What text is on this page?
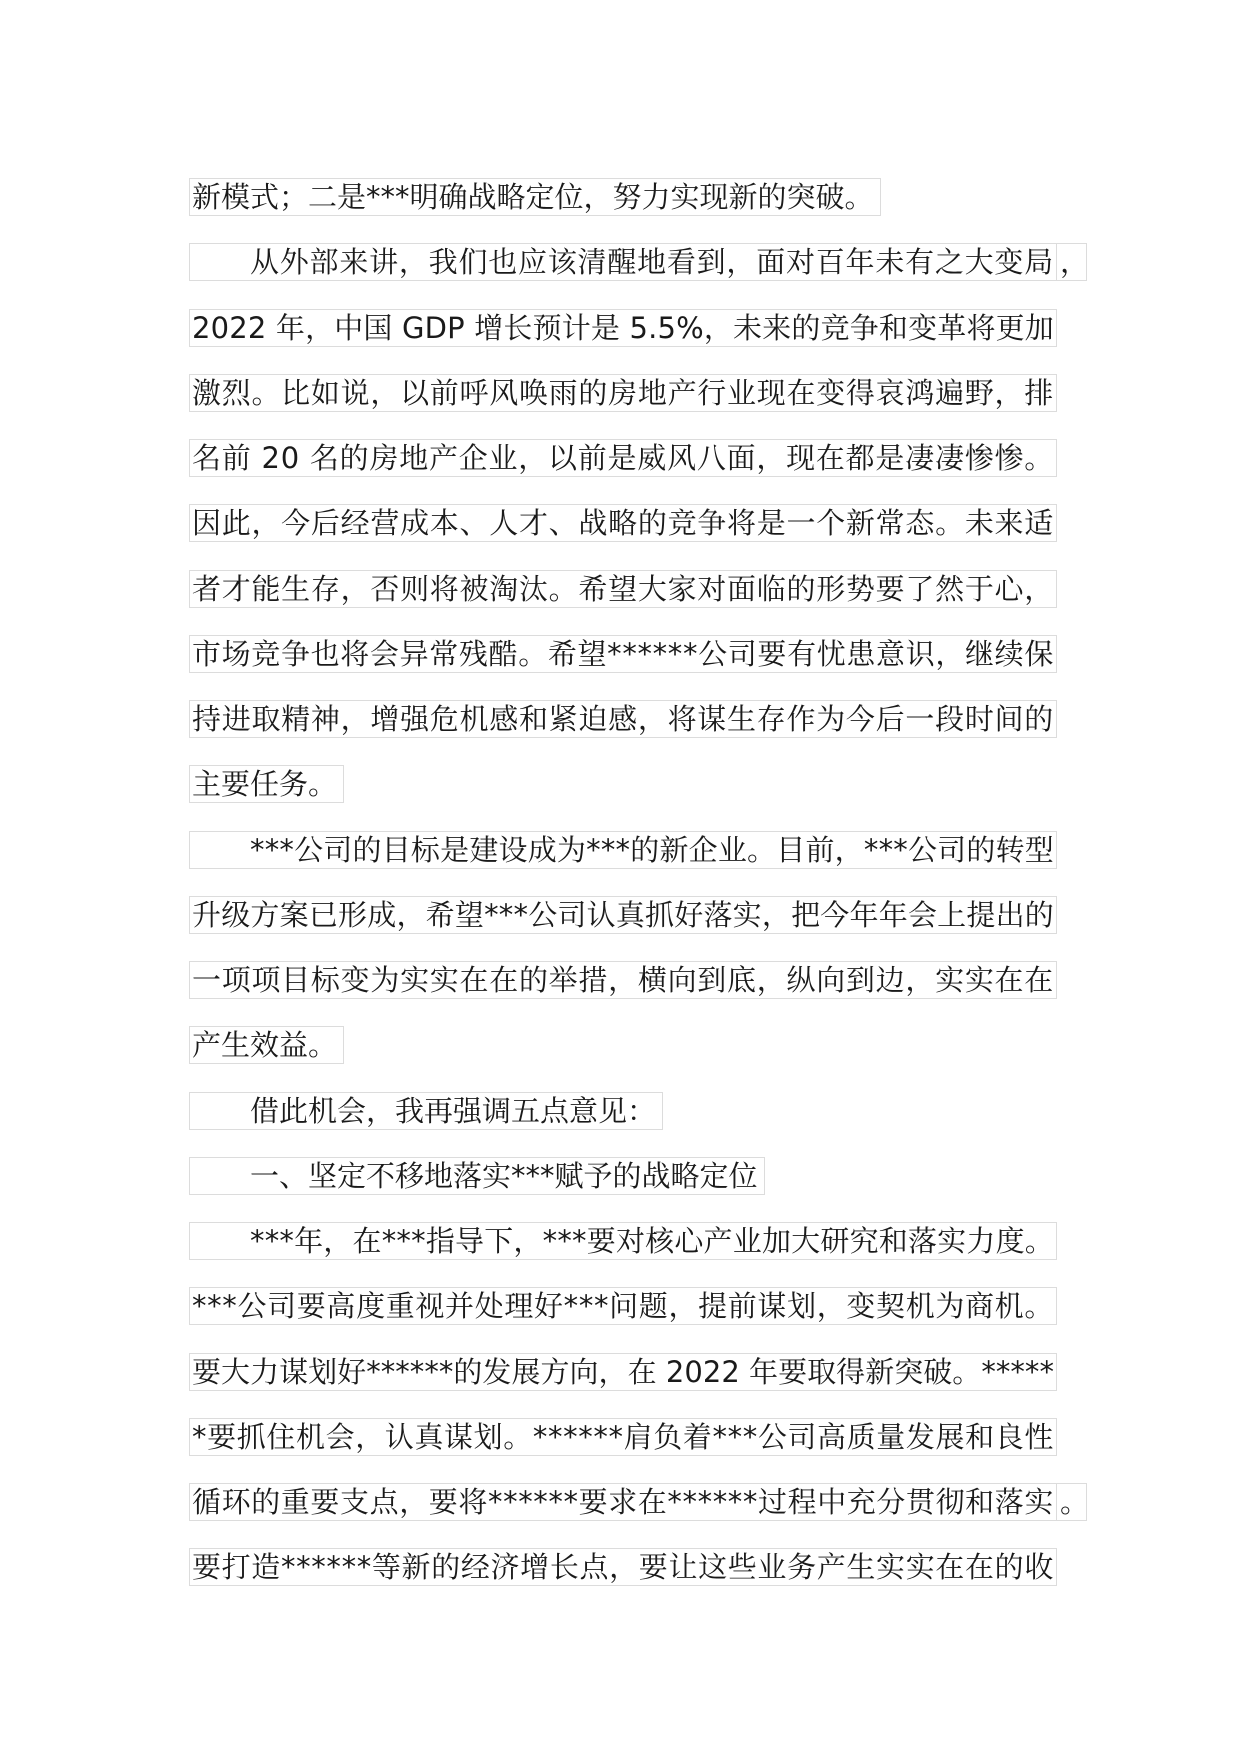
新模式；二是***明确战略定位，努力实现新的突破。
从外部来讲，我们也应该清醒地看到，面对百年未有之大变局 ，
2022 年，中国 GDP 增长预计是 5.5%，未来的竞争和变革将更加
激烈。比如说，以前呼风唤雨的房地产行业现在变得哀鸿遍野，排
名前 20 名的房地产企业，以前是威风八面，现在都是凄凄惨惨。
因此，今后经营成本、人才、战略的竞争将是一个新常态。未来适
者才能生存，否则将被淘汰。希望大家对面临的形势要了然于心，
市场竞争也将会异常残酷。希望******公司要有忧患意识，继续保
持进取精神，增强危机感和紧迫感，将谋生存作为今后一段时间的
主要任务。
***公司的目标是建设成为***的新企业。目前，***公司的转型
升级方案已形成，希望***公司认真抓好落实，把今年年会上提出的
一项项目标变为实实在在的举措，横向到底，纵向到边，实实在在
产生效益。
借此机会，我再强调五点意见：
一、坚定不移地落实***赋予的战略定位
***年，在***指导下，***要对核心产业加大研究和落实力度。
***公司要高度重视并处理好***问题，提前谋划，变契机为商机。
要大力谋划好******的发展方向，在 2022 年要取得新突破。*****
*要抓住机会，认真谋划。******肩负着***公司高质量发展和良性
循环的重要支点，要将******要求在******过程中充分贯彻和落实 。
要打造******等新的经济增长点，要让这些业务产生实实在在的收
